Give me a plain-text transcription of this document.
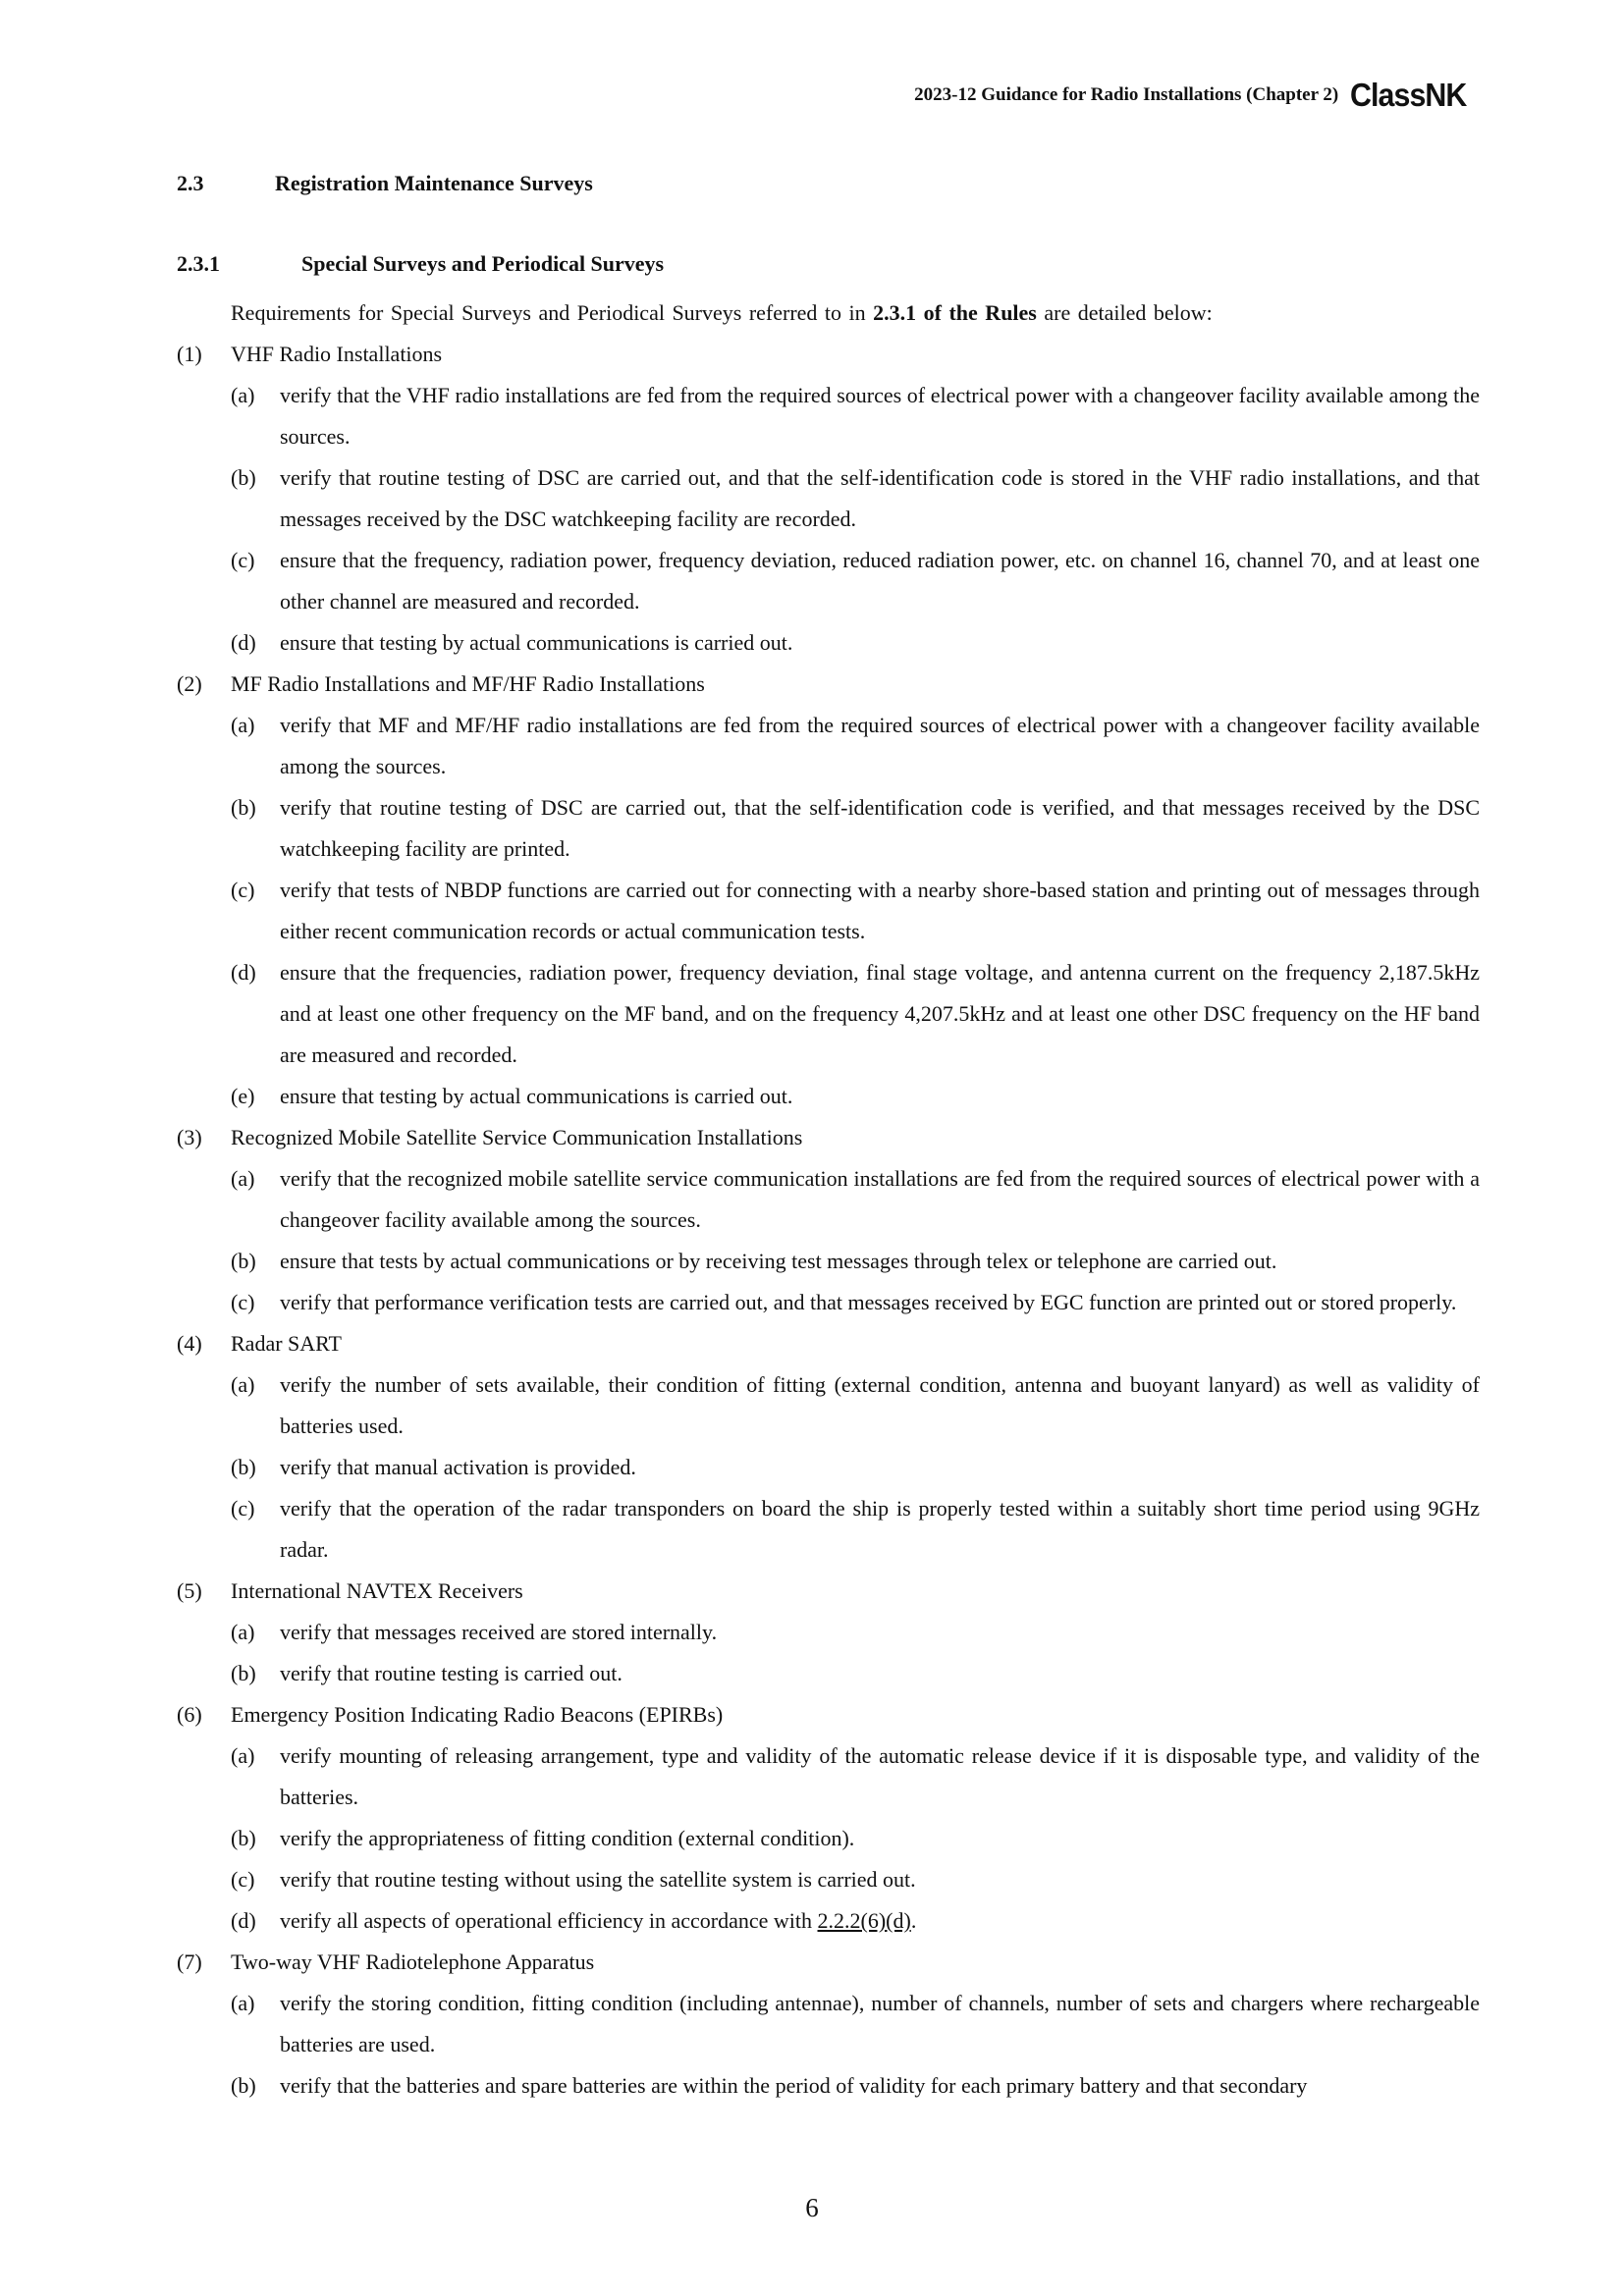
2023-12 Guidance for Radio Installations (Chapter 2) ClassNK
2.3	Registration Maintenance Surveys
2.3.1	Special Surveys and Periodical Surveys
Requirements for Special Surveys and Periodical Surveys referred to in 2.3.1 of the Rules are detailed below:
(1)	VHF Radio Installations
(a) verify that the VHF radio installations are fed from the required sources of electrical power with a changeover facility available among the sources.
(b) verify that routine testing of DSC are carried out, and that the self-identification code is stored in the VHF radio installations, and that messages received by the DSC watchkeeping facility are recorded.
(c) ensure that the frequency, radiation power, frequency deviation, reduced radiation power, etc. on channel 16, channel 70, and at least one other channel are measured and recorded.
(d) ensure that testing by actual communications is carried out.
(2)	MF Radio Installations and MF/HF Radio Installations
(a) verify that MF and MF/HF radio installations are fed from the required sources of electrical power with a changeover facility available among the sources.
(b) verify that routine testing of DSC are carried out, that the self-identification code is verified, and that messages received by the DSC watchkeeping facility are printed.
(c) verify that tests of NBDP functions are carried out for connecting with a nearby shore-based station and printing out of messages through either recent communication records or actual communication tests.
(d) ensure that the frequencies, radiation power, frequency deviation, final stage voltage, and antenna current on the frequency 2,187.5kHz and at least one other frequency on the MF band, and on the frequency 4,207.5kHz and at least one other DSC frequency on the HF band are measured and recorded.
(e) ensure that testing by actual communications is carried out.
(3)	Recognized Mobile Satellite Service Communication Installations
(a) verify that the recognized mobile satellite service communication installations are fed from the required sources of electrical power with a changeover facility available among the sources.
(b) ensure that tests by actual communications or by receiving test messages through telex or telephone are carried out.
(c) verify that performance verification tests are carried out, and that messages received by EGC function are printed out or stored properly.
(4)	Radar SART
(a) verify the number of sets available, their condition of fitting (external condition, antenna and buoyant lanyard) as well as validity of batteries used.
(b) verify that manual activation is provided.
(c) verify that the operation of the radar transponders on board the ship is properly tested within a suitably short time period using 9GHz radar.
(5)	International NAVTEX Receivers
(a) verify that messages received are stored internally.
(b) verify that routine testing is carried out.
(6)	Emergency Position Indicating Radio Beacons (EPIRBs)
(a) verify mounting of releasing arrangement, type and validity of the automatic release device if it is disposable type, and validity of the batteries.
(b) verify the appropriateness of fitting condition (external condition).
(c) verify that routine testing without using the satellite system is carried out.
(d) verify all aspects of operational efficiency in accordance with 2.2.2(6)(d).
(7)	Two-way VHF Radiotelephone Apparatus
(a) verify the storing condition, fitting condition (including antennae), number of channels, number of sets and chargers where rechargeable batteries are used.
(b) verify that the batteries and spare batteries are within the period of validity for each primary battery and that secondary
6
